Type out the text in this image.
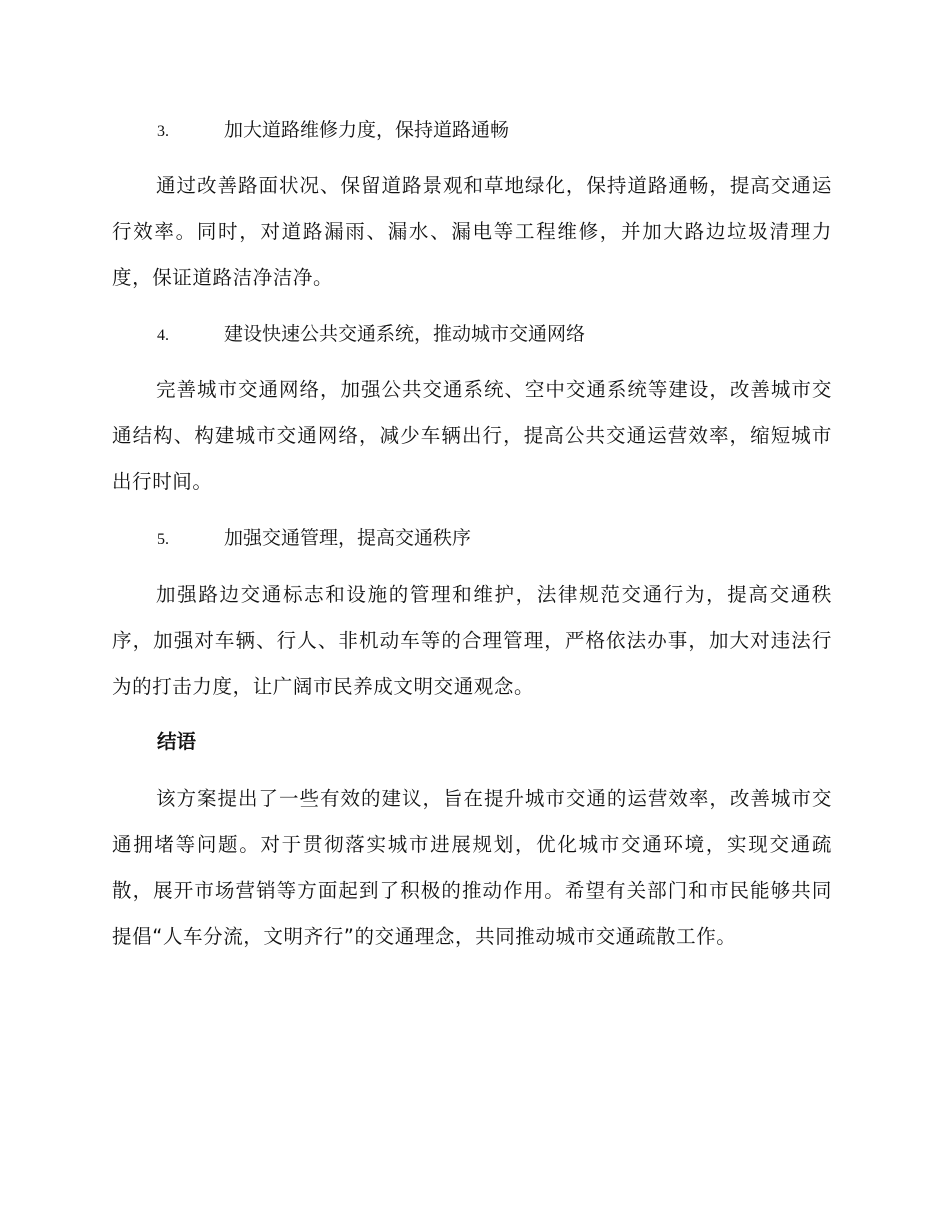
3.	加大道路维修力度，保持道路通畅

通过改善路面状况、保留道路景观和草地绿化，保持道路通畅，提高交通运行效率。同时，对道路漏雨、漏水、漏电等工程维修，并加大路边垃圾清理力度，保证道路洁净洁净。

4.	建设快速公共交通系统，推动城市交通网络

完善城市交通网络，加强公共交通系统、空中交通系统等建设，改善城市交通结构、构建城市交通网络，减少车辆出行，提高公共交通运营效率，缩短城市出行时间。

5.	加强交通管理，提高交通秩序

加强路边交通标志和设施的管理和维护，法律规范交通行为，提高交通秩序，加强对车辆、行人、非机动车等的合理管理，严格依法办事，加大对违法行为的打击力度，让广阔市民养成文明交通观念。

结语

该方案提出了一些有效的建议，旨在提升城市交通的运营效率，改善城市交通拥堵等问题。对于贯彻落实城市进展规划，优化城市交通环境，实现交通疏散，展开市场营销等方面起到了积极的推动作用。希望有关部门和市民能够共同提倡“人车分流，文明齐行”的交通理念，共同推动城市交通疏散工作。
